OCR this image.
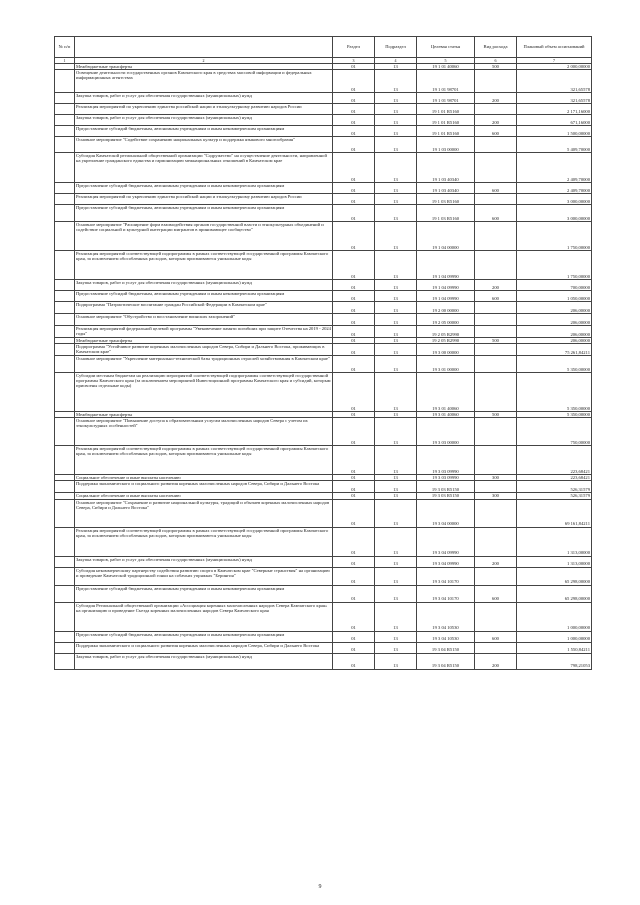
№ п/п		Раздел	Подраздел	Целевая статья	Вид расхода	Плановый объем ассигнований
1	2	3	4	5	6	7
	Межбюджетные трансферты	01	13	19 1 01 40060	500	2 000,00000
	Освещение деятельности государственных органов Камчатского края в средствах массовой информации и федеральных информационных агентствах	01	13	19 1 01 98701		321,65578
	Закупка товаров, работ и услуг для обеспечения государственных (муниципальных) нужд	01	13	19 1 01 98701	200	321,65578
	Реализация мероприятий по укреплению единства российской нации и этнокультурному развитию народов России	01	13	19 1 01 R5160		2 171,16000
	Закупка товаров, работ и услуг для обеспечения государственных (муниципальных) нужд	01	13	19 1 01 R5160	200	671,16000
	Предоставление субсидий бюджетным, автономным учреждениям и иным некоммерческим организациям	01	13	19 1 01 R5160	600	1 500,00000
	Основное мероприятие "Содействие сохранению национальных культур и поддержка языкового многообразия"	01	13	19 1 03 00000		5 409,70000
	Субсидия Камчатской региональной общественной организации "Содружество" на осуществление деятельности, направленной на укрепление гражданского единства и гармонизацию межнациональных отношений в Камчатском крае	01	13	19 1 03 40340		2 409,70000
	Предоставление субсидий бюджетным, автономным учреждениям и иным некоммерческим организациям	01	13	19 1 03 40340	600	2 409,70000
	Реализация мероприятий по укреплению единства российской нации и этнокультурному развитию народов России	01	13	19 1 03 R5160		3 000,00000
	Предоставление субсидий бюджетным, автономным учреждениям и иным некоммерческим организациям	01	13	19 1 03 R5160	600	3 000,00000
	Основное мероприятие "Расширение форм взаимодействия органов государственной власти и этнокультурных объединений и содействие социальной и культурной интеграции мигрантов в принимающее сообщество"	01	13	19 1 04 00000		1 750,00000
	Реализация мероприятий соответствующей подпрограммы в рамках соответствующей государственной программы Камчатского края, за исключением обособленных расходов, которым присваиваются уникальные коды	01	13	19 1 04 09990		1 750,00000
	Закупка товаров, работ и услуг для обеспечения государственных (муниципальных) нужд	01	13	19 1 04 09990	200	700,00000
	Предоставление субсидий бюджетным, автономным учреждениям и иным некоммерческим организациям	01	13	19 1 04 09990	600	1 050,00000
	Подпрограмма "Патриотическое воспитание граждан Российской Федерации в Камчатском крае"	01	13	19 2 00 00000		206,00000
	Основное мероприятие "Обустройство и восстановление воинских захоронений"	01	13	19 2 05 00000		206,00000
	Реализация мероприятий федеральной целевой программы "Увековечение памяти погибших при защите Отечества на 2019 - 2024 годы"	01	13	19 2 05 R2990		206,00000
	Межбюджетные трансферты	01	13	19 2 05 R2990	500	206,00000
	Подпрограмма "Устойчивое развитие коренных малочисленных народов Севера, Сибири и Дальнего Востока, проживающих в Камчатском крае"	01	13	19 3 00 00000		75 261,84211
	Основное мероприятие "Укрепление материально-технической базы традиционных отраслей хозяйствования в Камчатском крае"	01	13	19 3 01 00000		5 350,00000
	Субсидии местным бюджетам на реализацию мероприятий соответствующей подпрограммы соответствующей государственной программы Камчатского края (за исключением мероприятий Инвестиционной программы Камчатского края и субсидий, которым присвоены отдельные коды)	01	13	19 3 01 40060		5 350,00000
	Межбюджетные трансферты	01	13	19 3 01 40060	500	5 350,00000
	Основное мероприятие "Повышение доступа к образовательным услугам малочисленных народов Севера с учетом их этнокультурных особенностей"	01	13	19 3 03 00000		750,00000
	Реализация мероприятий соответствующей подпрограммы в рамках соответствующей государственной программы Камчатского края, за исключением обособленных расходов, которым присваиваются уникальные коды	01	13	19 3 03 09990		223,68421
	Социальное обеспечение и иные выплаты населению	01	13	19 3 03 09990	300	223,68421
	Поддержка экономического и социального развития коренных малочисленных народов Севера, Сибири и Дальнего Востока	01	13	19 3 03 R5150		526,31579
	Социальное обеспечение и иные выплаты населению	01	13	19 3 03 R5150	300	526,31579
	Основное мероприятие "Сохранение и развитие национальной культуры, традиций и обычаев коренных малочисленных народов Севера, Сибири и Дальнего Востока"	01	13	19 3 04 00000		69 161,84211
	Реализация мероприятий соответствующей подпрограммы в рамках соответствующей государственной программы Камчатского края, за исключением обособленных расходов, которым присваиваются уникальные коды	01	13	19 3 04 09990		1 313,00000
	Закупка товаров, работ и услуг для обеспечения государственных (муниципальных) нужд	01	13	19 3 04 09990	200	1 313,00000
	Субсидия некоммерческому партнерству содействия развитию спорта в Камчатском крае "Северные странствия" на организацию и проведение Камчатской традиционной гонки на собачьих упряжках "Берингия"	01	13	19 3 04 10170		65 298,00000
	Предоставление субсидий бюджетным, автономным учреждениям и иным некоммерческим организациям	01	13	19 3 04 10170	600	65 298,00000
	Субсидия Региональной общественной организации «Ассоциация коренных малочисленных народов Севера Камчатского края» на организацию и проведение Съезда коренных малочисленных народов Севера Камчатского края	01	13	19 3 04 10530		1 000,00000
	Предоставление субсидий бюджетным, автономным учреждениям и иным некоммерческим организациям	01	13	19 3 04 10530	600	1 000,00000
	Поддержка экономического и социального развития коренных малочисленных народов Севера, Сибири и Дальнего Востока	01	13	19 3 04 R5150		1 550,84211
	Закупка товаров, работ и услуг для обеспечения государственных (муниципальных) нужд	01	13	19 3 04 R5150	200	798,21053
9
